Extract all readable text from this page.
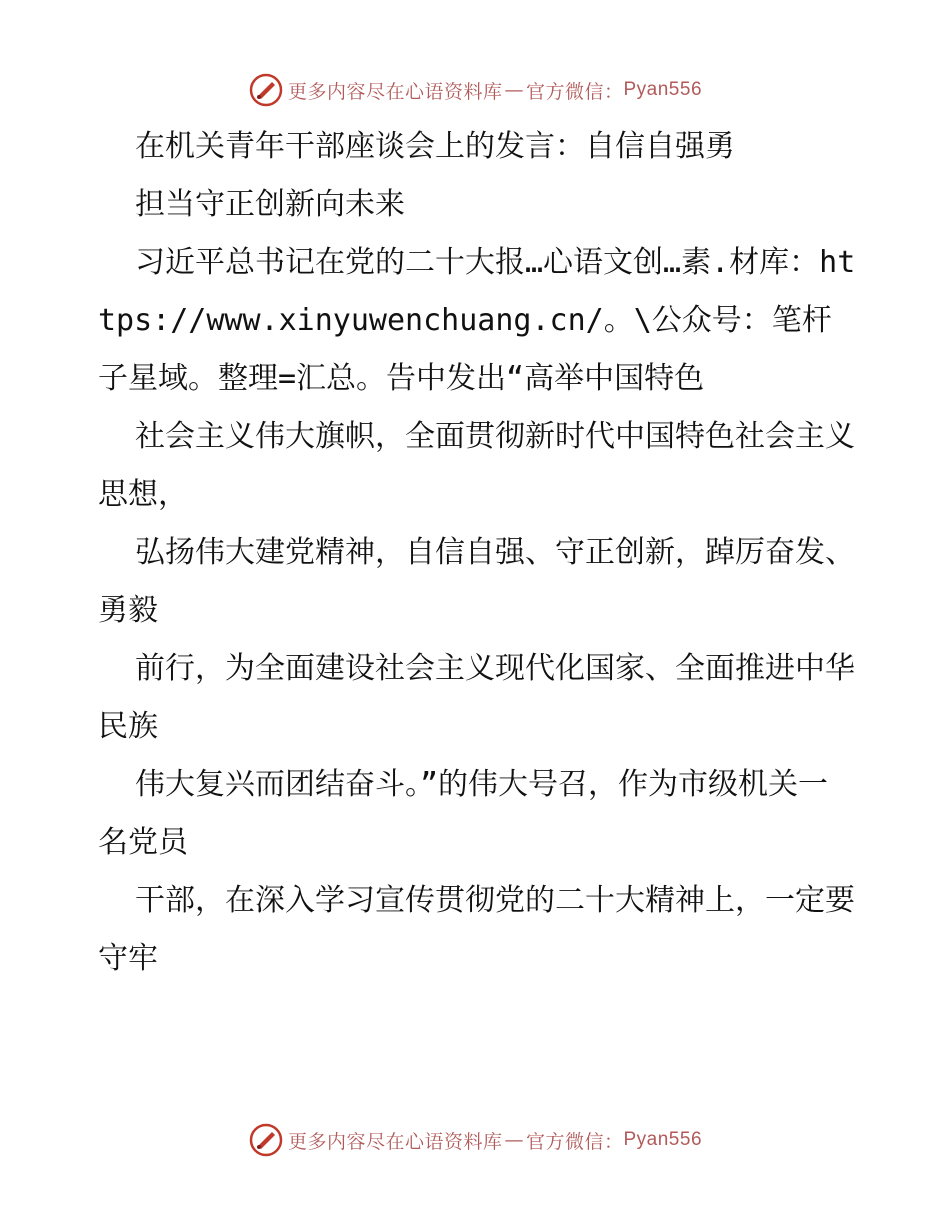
更多内容尽在心语资料库 — 官方微信： Pyan556

在机关青年干部座谈会上的发言：自信自强勇担当守正创新向未来

习近平总书记在党的二十大报…心语文创…素.材库：https://www.xinyuwenchuang.cn/。\公众号：笔杆子星域。整理=汇总。告中发出“高举中国特色

社会主义伟大旗帜，全面贯彻新时代中国特色社会主义思想，

弘扬伟大建党精神，自信自强、守正创新，踔厉奋发、勇毅

前行，为全面建设社会主义现代化国家、全面推进中华民族

伟大复兴而团结奋斗。”的伟大号召，作为市级机关一名党员

干部，在深入学习宣传贯彻党的二十大精神上，一定要守牢

更多内容尽在心语资料库 — 官方微信： Pyan556
